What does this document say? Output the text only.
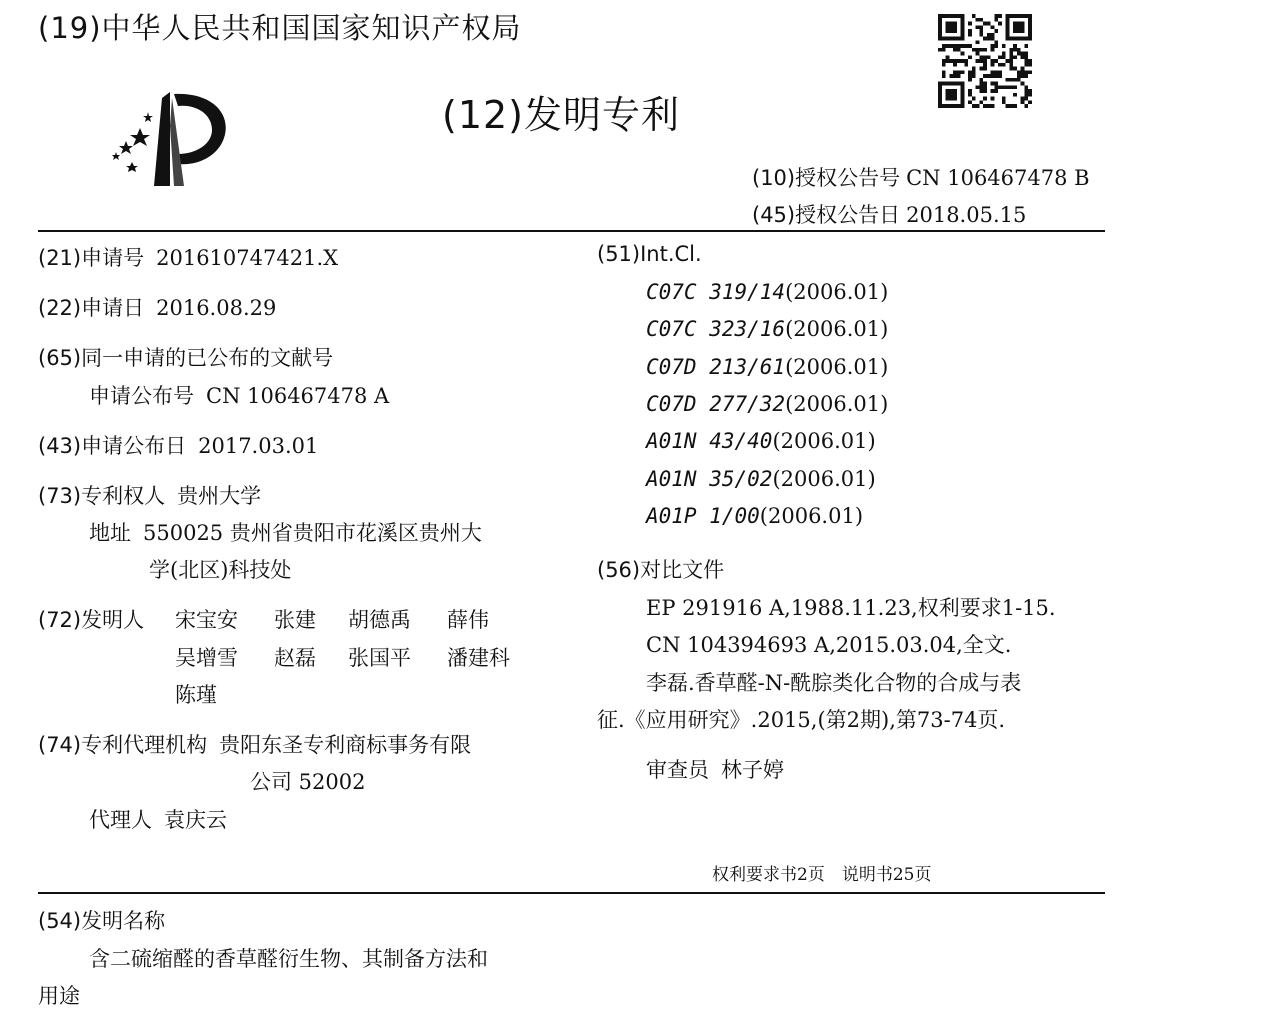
(19)中华人民共和国国家知识产权局
(12)发明专利
(10)授权公告号 CN 106467478 B
(45)授权公告日 2018.05.15
(21)申请号 201610747421.X
(22)申请日 2016.08.29
(65)同一申请的已公布的文献号
申请公布号 CN 106467478 A
(43)申请公布日 2017.03.01
(73)专利权人 贵州大学
地址 550025 贵州省贵阳市花溪区贵州大
学(北区)科技处
(72)发明人 宋宝安 张建 胡德禹 薛伟
吴增雪 赵磊 张国平 潘建科
陈瑾
(74)专利代理机构 贵阳东圣专利商标事务有限
公司 52002
代理人 袁庆云
(51)Int.Cl.
C07C 319/14(2006.01)
C07C 323/16(2006.01)
C07D 213/61(2006.01)
C07D 277/32(2006.01)
A01N 43/40(2006.01)
A01N 35/02(2006.01)
A01P 1/00(2006.01)
(56)对比文件
EP 291916 A,1988.11.23,权利要求1-15.
CN 104394693 A,2015.03.04,全文.
李磊.香草醛-N-酰腙类化合物的合成与表
征.《应用研究》.2015,(第2期),第73-74页.
审查员 林子婷
权利要求书2页　说明书25页
(54)发明名称
含二硫缩醛的香草醛衍生物、其制备方法和
用途
